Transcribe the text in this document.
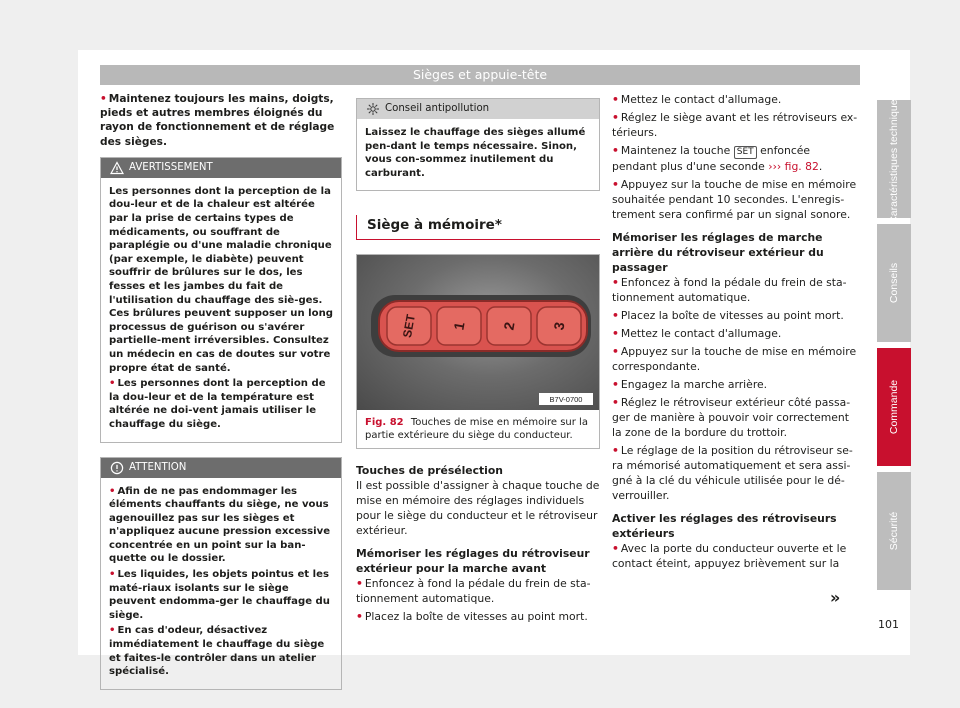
Sièges et appuie-tête

• Maintenez toujours les mains, doigts, pieds et autres membres éloignés du rayon de fonctionnement et de réglage des sièges.

AVERTISSEMENT

Les personnes dont la perception de la dou-leur et de la chaleur est altérée par la prise de certains types de médicaments, ou souffrant de paraplégie ou d'une maladie chronique (par exemple, le diabète) peuvent souffrir de brûlures sur le dos, les fesses et les jambes du fait de l'utilisation du chauffage des siè-ges. Ces brûlures peuvent supposer un long processus de guérison ou s'avérer partielle-ment irréversibles. Consultez un médecin en cas de doutes sur votre propre état de santé.

• Les personnes dont la perception de la dou-leur et de la température est altérée ne doi-vent jamais utiliser le chauffage du siège.

ATTENTION

• Afin de ne pas endommager les éléments chauffants du siège, ne vous agenouillez pas sur les sièges et n'appliquez aucune pression excessive concentrée en un point sur la ban-quette ou le dossier.

• Les liquides, les objets pointus et les maté-riaux isolants sur le siège peuvent endomma-ger le chauffage du siège.

• En cas d'odeur, désactivez immédiatement le chauffage du siège et faites-le contrôler dans un atelier spécialisé.

Conseil antipollution

Laissez le chauffage des sièges allumé pen-dant le temps nécessaire. Sinon, vous con-sommez inutilement du carburant.

Siège à mémoire*
SET 1 2 3
B7V-0700
Fig. 82 Touches de mise en mémoire sur la partie extérieure du siège du conducteur.

Touches de présélection

Il est possible d'assigner à chaque touche de mise en mémoire des réglages individuels pour le siège du conducteur et le rétroviseur extérieur.

Mémoriser les réglages du rétroviseur extérieur pour la marche avant

• Enfoncez à fond la pédale du frein de sta-tionnement automatique.

• Placez la boîte de vitesses au point mort.

• Mettez le contact d'allumage.

• Réglez le siège avant et les rétroviseurs ex-térieurs.

• Maintenez la touche SET enfoncée pendant plus d'une seconde ››› fig. 82.

• Appuyez sur la touche de mise en mémoire souhaitée pendant 10 secondes. L'enregis-trement sera confirmé par un signal sonore.

Mémoriser les réglages de marche arrière du rétroviseur extérieur du passager

• Enfoncez à fond la pédale du frein de sta-tionnement automatique.

• Placez la boîte de vitesses au point mort.

• Mettez le contact d'allumage.

• Appuyez sur la touche de mise en mémoire correspondante.

• Engagez la marche arrière.

• Réglez le rétroviseur extérieur côté passa-ger de manière à pouvoir voir correctement la zone de la bordure du trottoir.

• Le réglage de la position du rétroviseur se-ra mémorisé automatiquement et sera assi-gné à la clé du véhicule utilisée pour le dé-verrouiller.

Activer les réglages des rétroviseurs extérieurs

• Avec la porte du conducteur ouverte et le contact éteint, appuyez brièvement sur la

»
Caractéristiques techniques
Conseils
Commande
Sécurité
101
